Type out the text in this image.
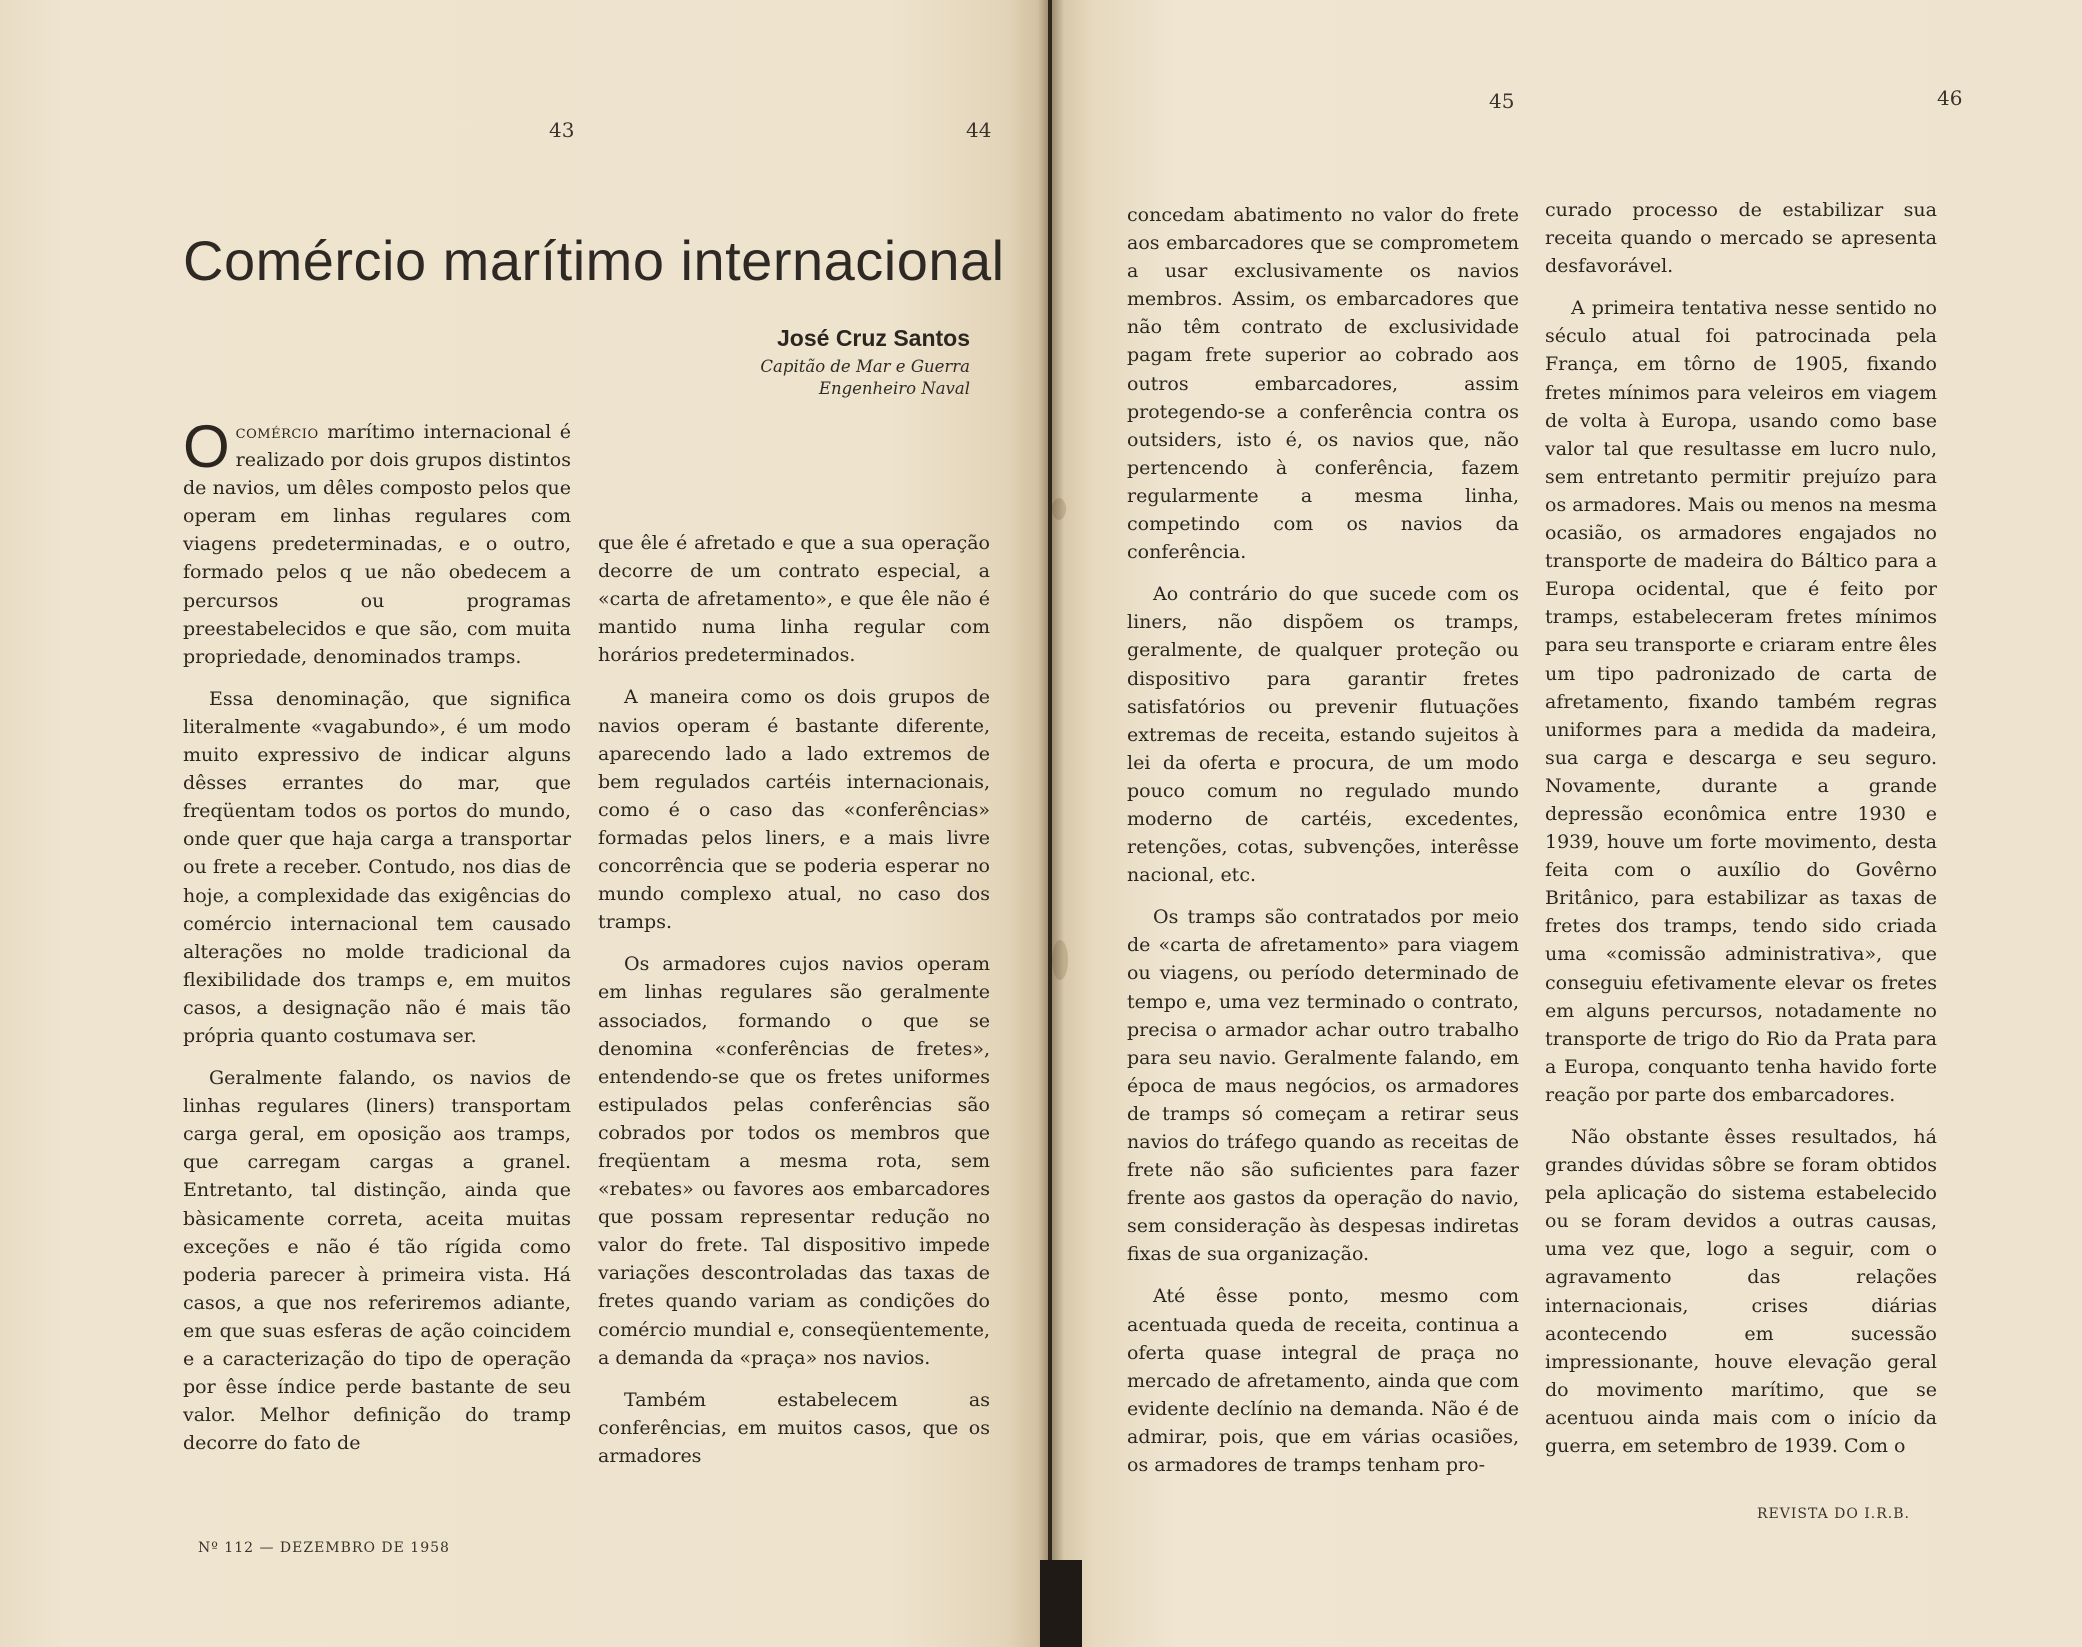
43	44
Comércio marítimo internacional
José Cruz Santos
Capitão de Mar e Guerra
Engenheiro Naval

Ocomércio marítimo internacional é realizado por dois grupos distintos de navios, um dêles composto pelos que operam em linhas regulares com viagens predeterminadas, e o outro, formado pelos q ue não obedecem a percursos ou programas preestabelecidos e que são, com muita propriedade, denominados tramps.

Essa denominação, que significa literalmente «vagabundo», é um modo muito expressivo de indicar alguns dêsses errantes do mar, que freqüentam todos os portos do mundo, onde quer que haja carga a transportar ou frete a receber. Contudo, nos dias de hoje, a complexidade das exigências do comércio internacional tem causado alterações no molde tradicional da flexibilidade dos tramps e, em muitos casos, a designação não é mais tão própria quanto costumava ser.

Geralmente falando, os navios de linhas regulares (liners) transportam carga geral, em oposição aos tramps, que carregam cargas a granel. Entretanto, tal distinção, ainda que bàsicamente correta, aceita muitas exceções e não é tão rígida como poderia parecer à primeira vista. Há casos, a que nos referiremos adiante, em que suas esferas de ação coincidem e a caracterização do tipo de operação por êsse índice perde bastante de seu valor. Melhor definição do tramp decorre do fato de

que êle é afretado e que a sua operação decorre de um contrato especial, a «carta de afretamento», e que êle não é mantido numa linha regular com horários predeterminados.

A maneira como os dois grupos de navios operam é bastante diferente, aparecendo lado a lado extremos de bem regulados cartéis internacionais, como é o caso das «conferências» formadas pelos liners, e a mais livre concorrência que se poderia esperar no mundo complexo atual, no caso dos tramps.

Os armadores cujos navios operam em linhas regulares são geralmente associados, formando o que se denomina «conferências de fretes», entendendo-se que os fretes uniformes estipulados pelas conferências são cobrados por todos os membros que freqüentam a mesma rota, sem «rebates» ou favores aos embarcadores que possam representar redução no valor do frete. Tal dispositivo impede variações descontroladas das taxas de fretes quando variam as condições do comércio mundial e, conseqüentemente, a demanda da «praça» nos navios.

Também estabelecem as conferências, em muitos casos, que os armadores

Nº 112 — DEZEMBRO DE 1958
45	46

concedam abatimento no valor do frete aos embarcadores que se comprometem a usar exclusivamente os navios membros. Assim, os embarcadores que não têm contrato de exclusividade pagam frete superior ao cobrado aos outros embarcadores, assim protegendo-se a conferência contra os outsiders, isto é, os navios que, não pertencendo à conferência, fazem regularmente a mesma linha, competindo com os navios da conferência.

Ao contrário do que sucede com os liners, não dispõem os tramps, geralmente, de qualquer proteção ou dispositivo para garantir fretes satisfatórios ou prevenir flutuações extremas de receita, estando sujeitos à lei da oferta e procura, de um modo pouco comum no regulado mundo moderno de cartéis, excedentes, retenções, cotas, subvenções, interêsse nacional, etc.

Os tramps são contratados por meio de «carta de afretamento» para viagem ou viagens, ou período determinado de tempo e, uma vez terminado o contrato, precisa o armador achar outro trabalho para seu navio. Geralmente falando, em época de maus negócios, os armadores de tramps só começam a retirar seus navios do tráfego quando as receitas de frete não são suficientes para fazer frente aos gastos da operação do navio, sem consideração às despesas indiretas fixas de sua organização.

Até êsse ponto, mesmo com acentuada queda de receita, continua a oferta quase integral de praça no mercado de afretamento, ainda que com evidente declínio na demanda. Não é de admirar, pois, que em várias ocasiões, os armadores de tramps tenham pro-

curado processo de estabilizar sua receita quando o mercado se apresenta desfavorável.

A primeira tentativa nesse sentido no século atual foi patrocinada pela França, em tôrno de 1905, fixando fretes mínimos para veleiros em viagem de volta à Europa, usando como base valor tal que resultasse em lucro nulo, sem entretanto permitir prejuízo para os armadores. Mais ou menos na mesma ocasião, os armadores engajados no transporte de madeira do Báltico para a Europa ocidental, que é feito por tramps, estabeleceram fretes mínimos para seu transporte e criaram entre êles um tipo padronizado de carta de afretamento, fixando também regras uniformes para a medida da madeira, sua carga e descarga e seu seguro. Novamente, durante a grande depressão econômica entre 1930 e 1939, houve um forte movimento, desta feita com o auxílio do Govêrno Britânico, para estabilizar as taxas de fretes dos tramps, tendo sido criada uma «comissão administrativa», que conseguiu efetivamente elevar os fretes em alguns percursos, notadamente no transporte de trigo do Rio da Prata para a Europa, conquanto tenha havido forte reação por parte dos embarcadores.

Não obstante êsses resultados, há grandes dúvidas sôbre se foram obtidos pela aplicação do sistema estabelecido ou se foram devidos a outras causas, uma vez que, logo a seguir, com o agravamento das relações internacionais, crises diárias acontecendo em sucessão impressionante, houve elevação geral do movimento marítimo, que se acentuou ainda mais com o início da guerra, em setembro de 1939. Com o

REVISTA DO I.R.B.
